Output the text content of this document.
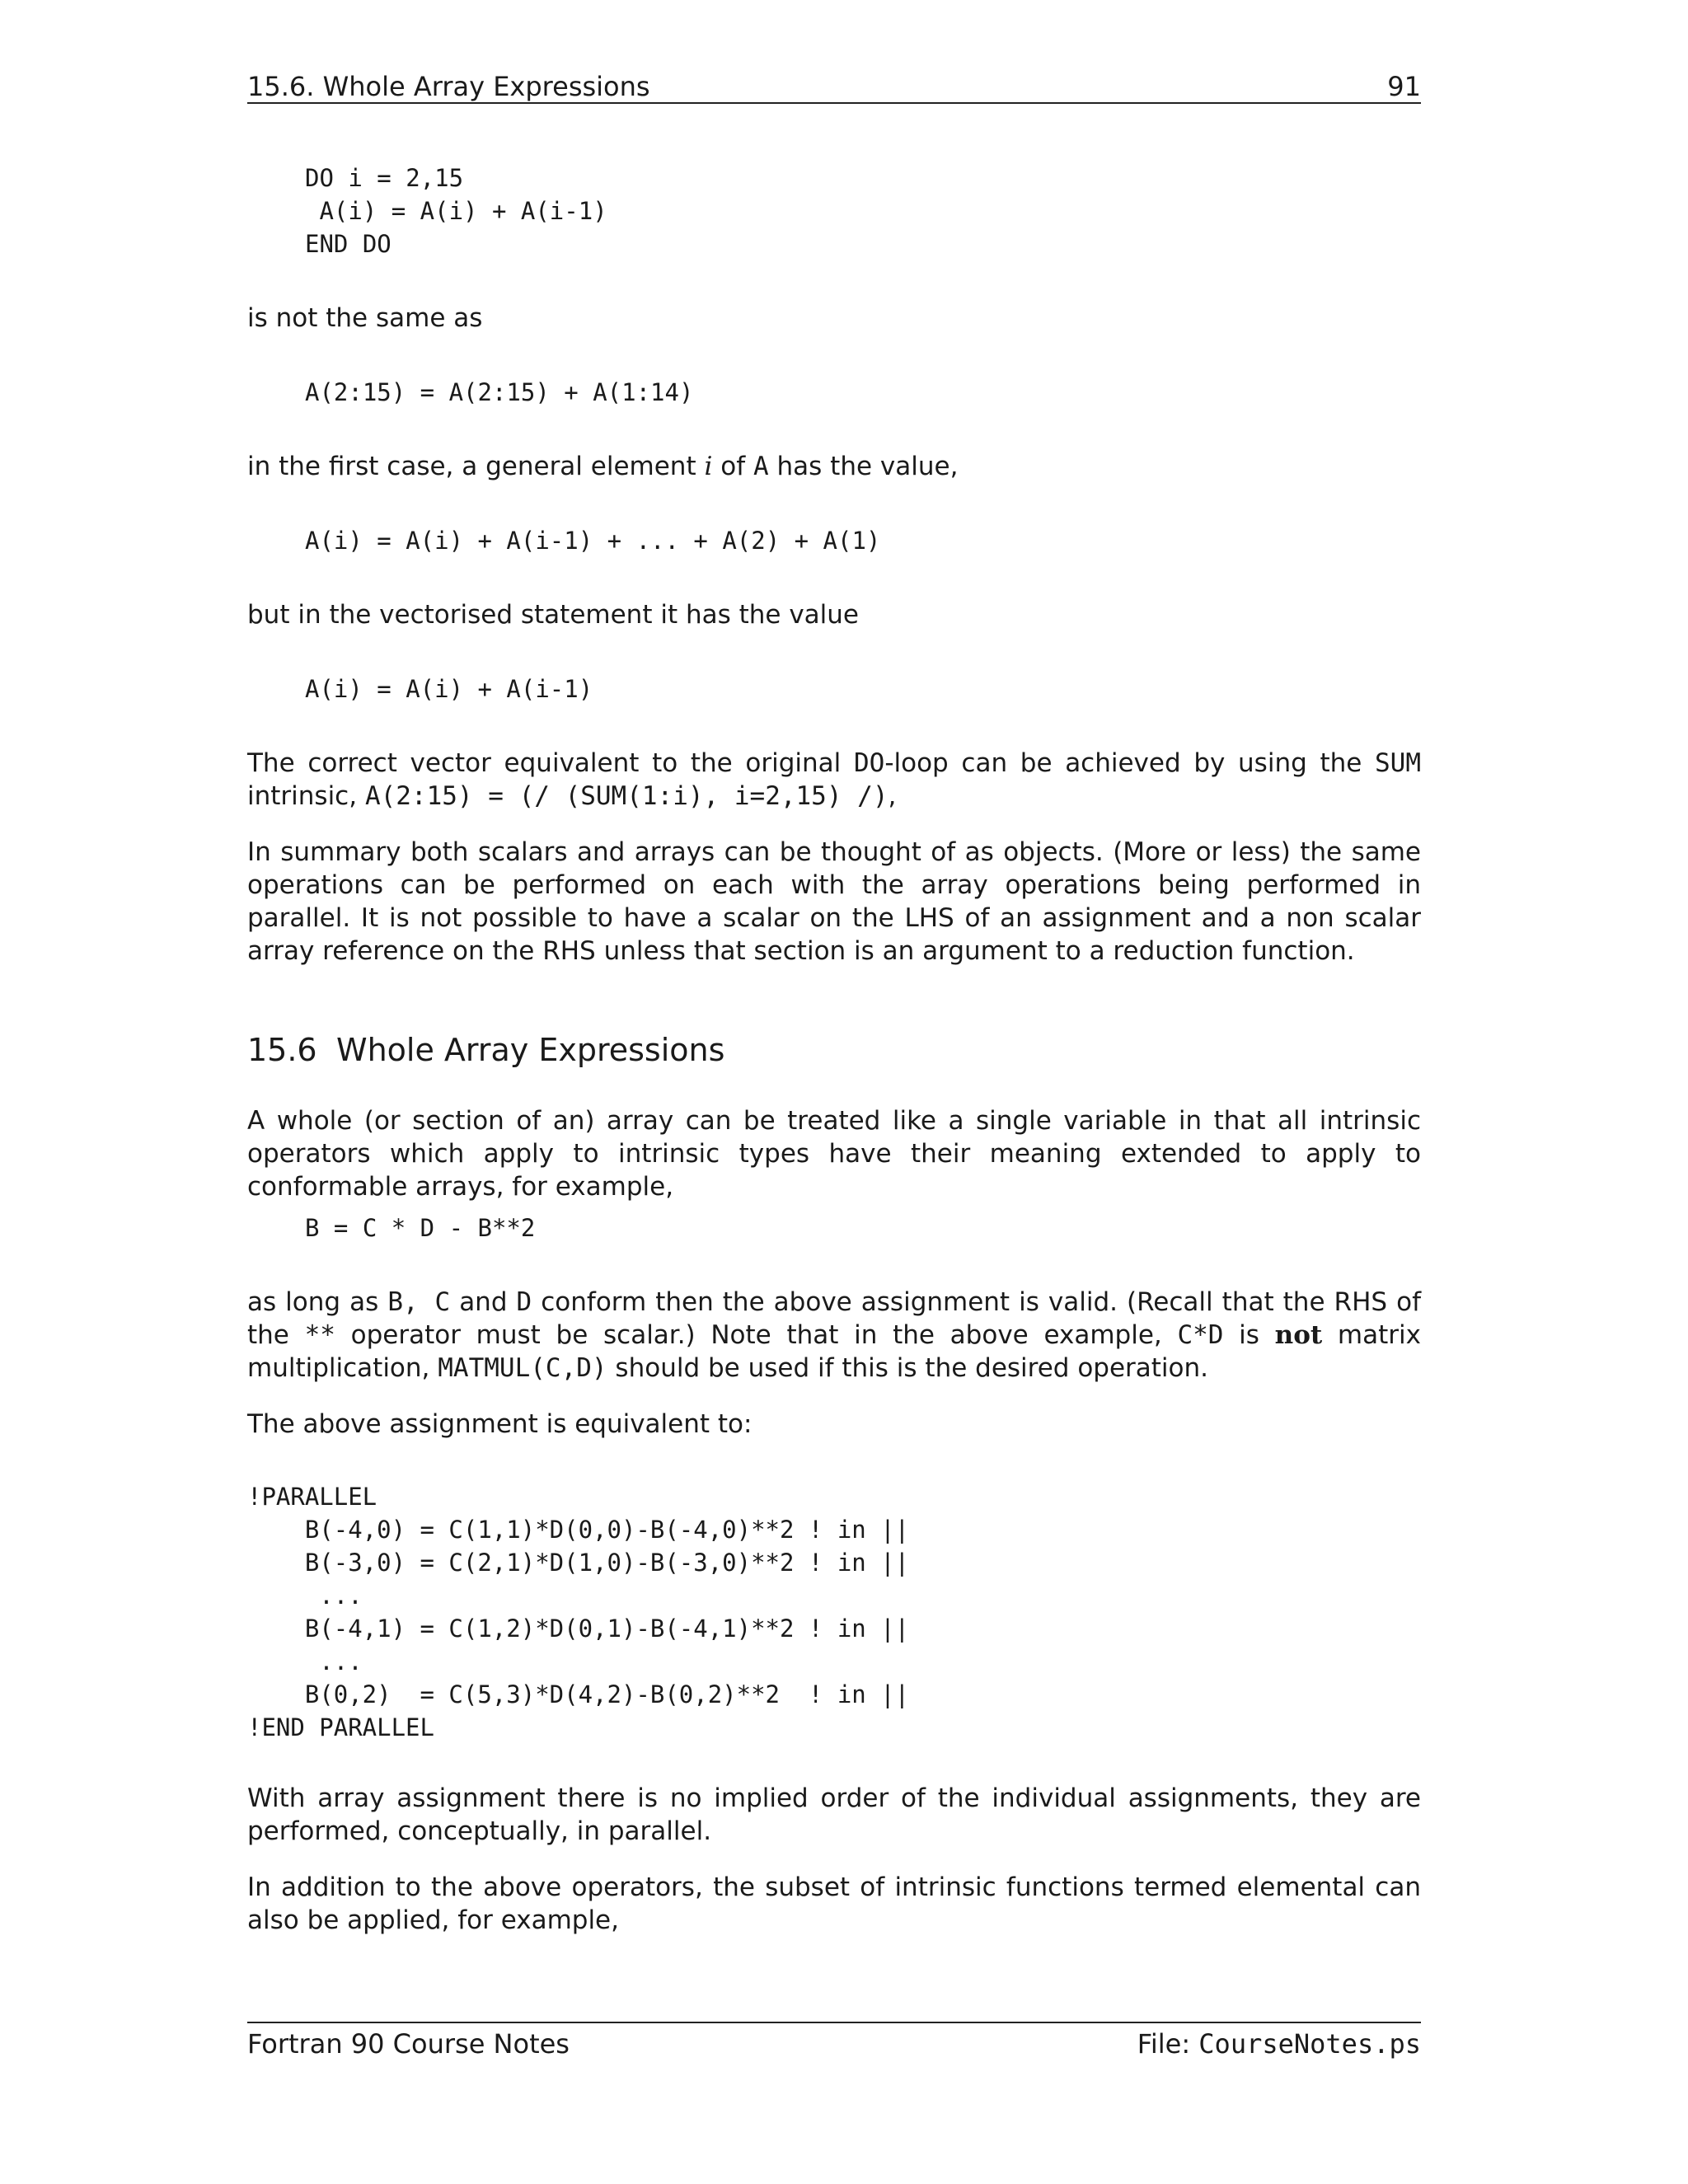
15.6. Whole Array Expressions	91
DO i = 2,15
A(i) = A(i) + A(i-1)
END DO

is not the same as

A(2:15) = A(2:15) + A(1:14)

in the first case, a general element i of A has the value,

A(i) = A(i) + A(i-1) + ... + A(2) + A(1)

but in the vectorised statement it has the value

A(i) = A(i) + A(i-1)

The correct vector equivalent to the original DO-loop can be achieved by using the SUM intrinsic, A(2:15) = (/ (SUM(1:i), i=2,15) /),

In summary both scalars and arrays can be thought of as objects. (More or less) the same operations can be performed on each with the array operations being performed in parallel. It is not possible to have a scalar on the LHS of an assignment and a non scalar array reference on the RHS unless that section is an argument to a reduction function.

15.6 Whole Array Expressions

A whole (or section of an) array can be treated like a single variable in that all intrinsic operators which apply to intrinsic types have their meaning extended to apply to conformable arrays, for example,

B = C * D - B**2

as long as B, C and D conform then the above assignment is valid. (Recall that the RHS of the ** operator must be scalar.) Note that in the above example, C*D is not matrix multiplication, MATMUL(C,D) should be used if this is the desired operation.

The above assignment is equivalent to:

!PARALLEL
B(-4,0) = C(1,1)*D(0,0)-B(-4,0)**2 ! in ||
B(-3,0) = C(2,1)*D(1,0)-B(-3,0)**2 ! in ||
...
B(-4,1) = C(1,2)*D(0,1)-B(-4,1)**2 ! in ||
...
B(0,2)  = C(5,3)*D(4,2)-B(0,2)**2  ! in ||
!END PARALLEL

With array assignment there is no implied order of the individual assignments, they are performed, conceptually, in parallel.

In addition to the above operators, the subset of intrinsic functions termed elemental can also be applied, for example,

Fortran 90 Course Notes	File: CourseNotes.ps
